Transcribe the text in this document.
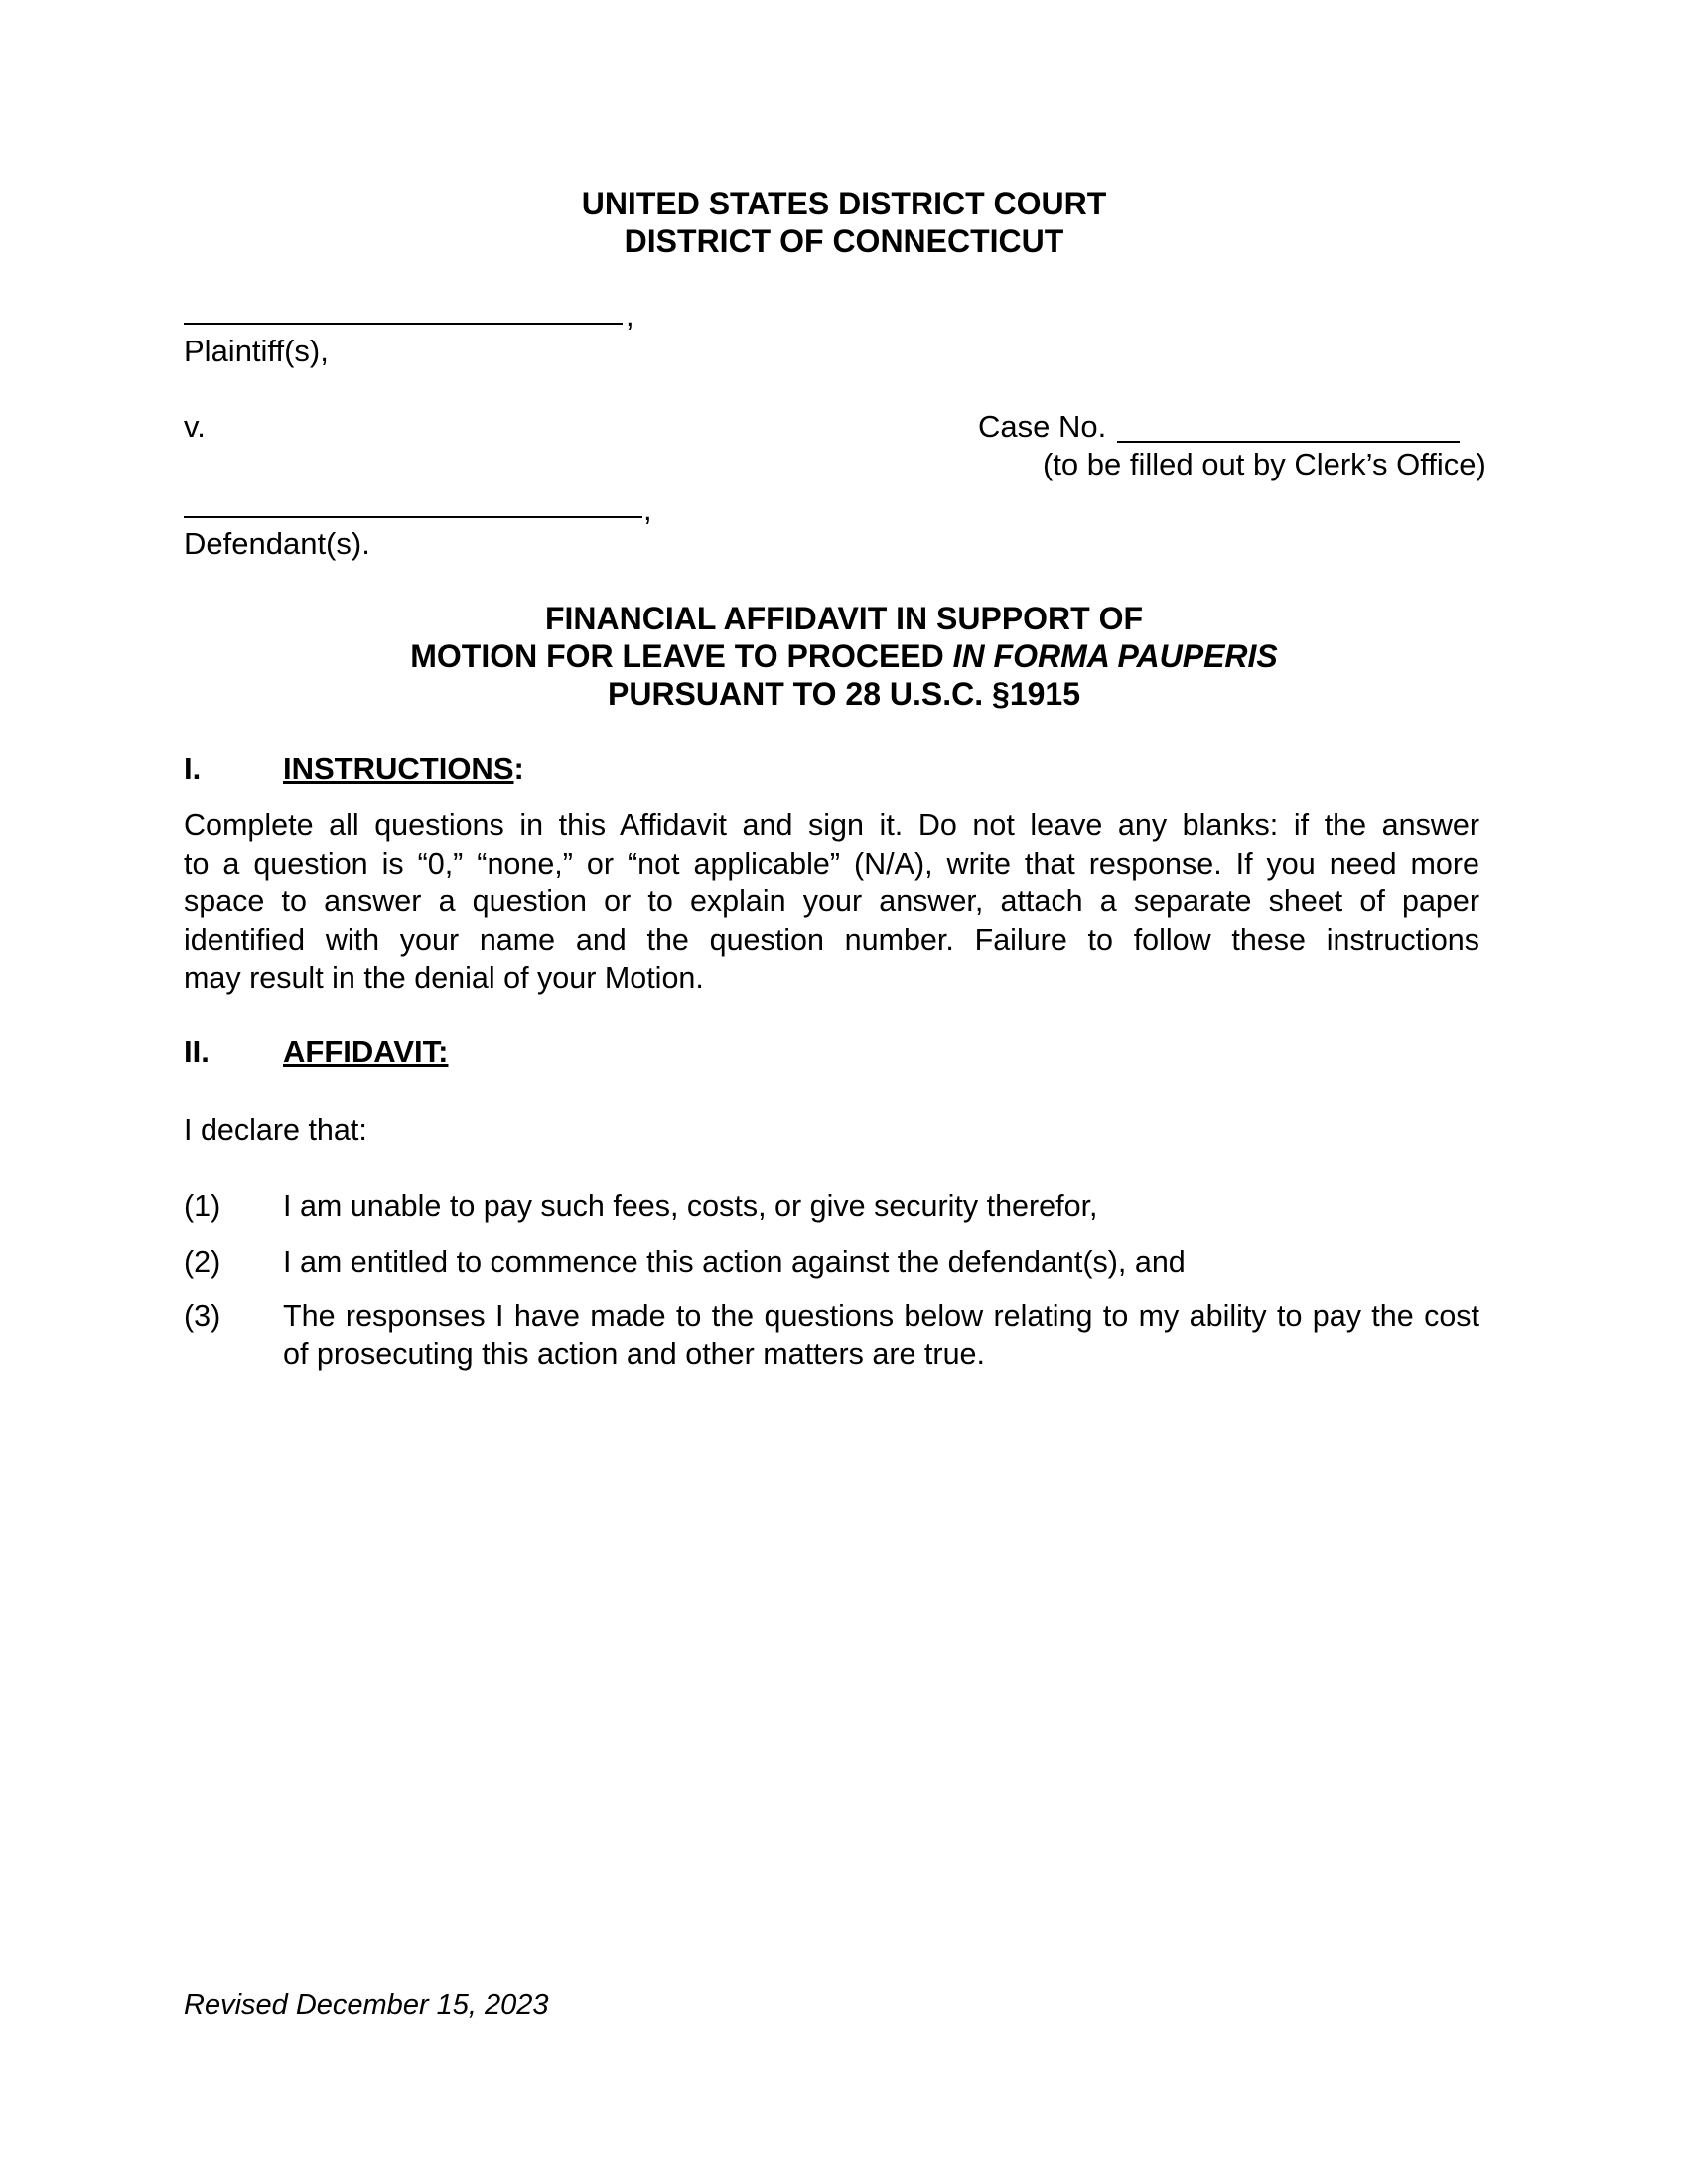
UNITED STATES DISTRICT COURT
DISTRICT OF CONNECTICUT
,
Plaintiff(s),
v.	Case No.
(to be filled out by Clerk’s Office)
,
Defendant(s).
FINANCIAL AFFIDAVIT IN SUPPORT OF
MOTION FOR LEAVE TO PROCEED IN FORMA PAUPERIS
PURSUANT TO 28 U.S.C. §1915
I.	INSTRUCTIONS:
Complete all questions in this Affidavit and sign it. Do not leave any blanks: if the answer
to a question is “0,” “none,” or “not applicable” (N/A), write that response. If you need more
space to answer a question or to explain your answer, attach a separate sheet of paper
identified with your name and the question number. Failure to follow these instructions
may result in the denial of your Motion.
II. AFFIDAVIT:
I declare that:
(1) I am unable to pay such fees, costs, or give security therefor,
(2) I am entitled to commence this action against the defendant(s), and
(3) The responses I have made to the questions below relating to my ability to pay the cost of prosecuting this action and other matters are true.
Revised December 15, 2023
